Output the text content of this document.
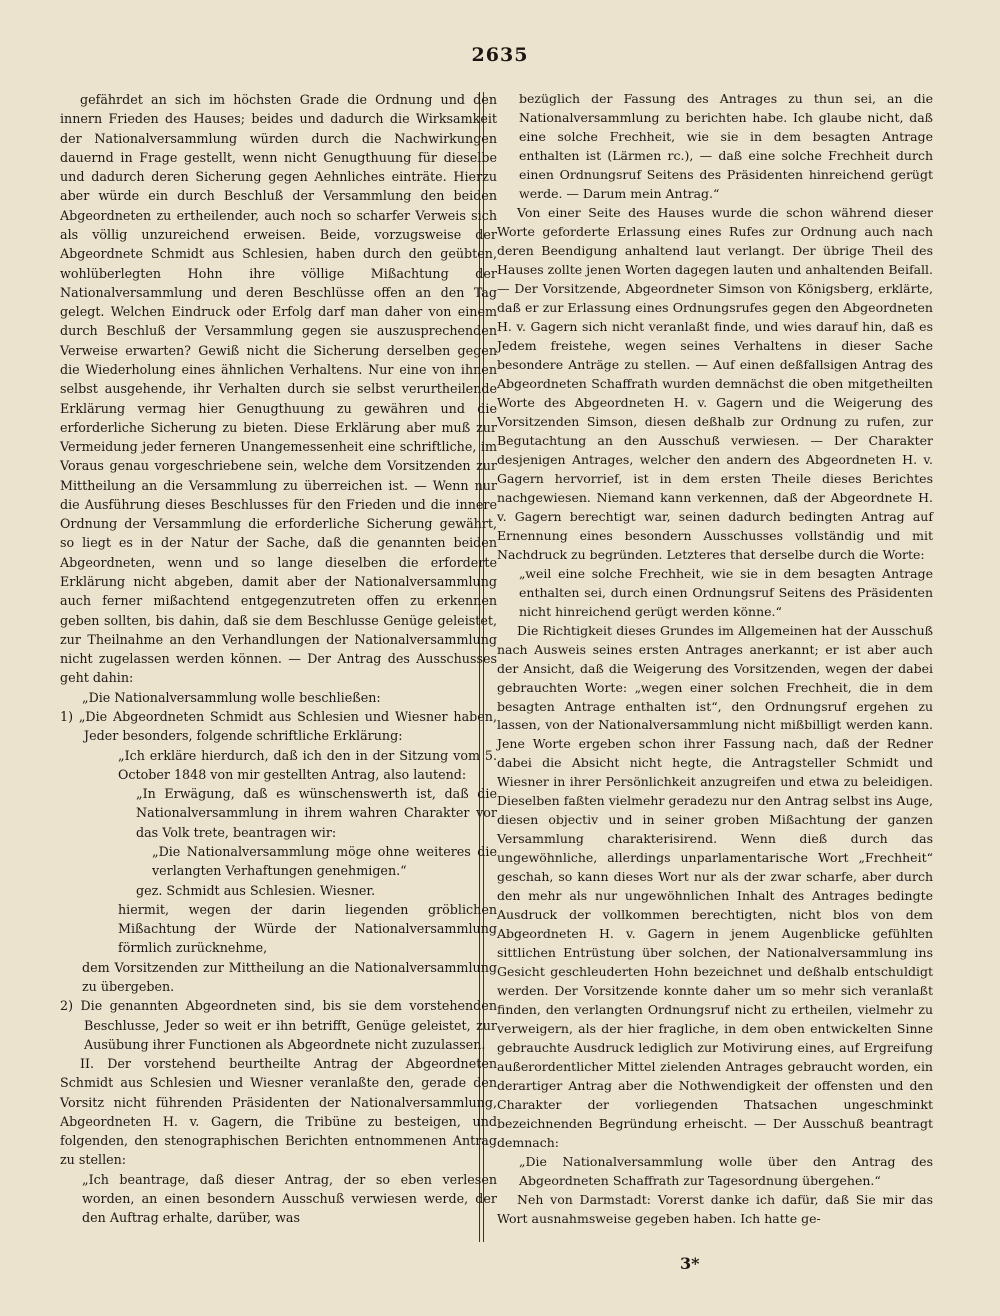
2635

gefährdet an sich im höchsten Grade die Ordnung und den innern Frieden des Hauses; beides und dadurch die Wirksamkeit der Nationalversammlung würden durch die Nachwirkungen dauernd in Frage gestellt, wenn nicht Genugthuung für dieselbe und dadurch deren Sicherung gegen Aehnliches einträte. Hierzu aber würde ein durch Beschluß der Versammlung den beiden Abgeordneten zu ertheilender, auch noch so scharfer Verweis sich als völlig unzureichend erweisen. Beide, vorzugsweise der Abgeordnete Schmidt aus Schlesien, haben durch den geübten, wohlüberlegten Hohn ihre völlige Mißachtung der Nationalversammlung und deren Beschlüsse offen an den Tag gelegt. Welchen Eindruck oder Erfolg darf man daher von einem durch Beschluß der Versammlung gegen sie auszusprechenden Verweise erwarten? Gewiß nicht die Sicherung derselben gegen die Wiederholung eines ähnlichen Verhaltens. Nur eine von ihnen selbst ausgehende, ihr Verhalten durch sie selbst verurtheilende Erklärung vermag hier Genugthuung zu gewähren und die erforderliche Sicherung zu bieten. Diese Erklärung aber muß zur Vermeidung jeder ferneren Unangemessenheit eine schriftliche, im Voraus genau vorgeschriebene sein, welche dem Vorsitzenden zur Mittheilung an die Versammlung zu überreichen ist. — Wenn nur die Ausführung dieses Beschlusses für den Frieden und die innere Ordnung der Versammlung die erforderliche Sicherung gewährt, so liegt es in der Natur der Sache, daß die genannten beiden Abgeordneten, wenn und so lange dieselben die erforderte Erklärung nicht abgeben, damit aber der Nationalversammlung auch ferner mißachtend entgegenzutreten offen zu erkennen geben sollten, bis dahin, daß sie dem Beschlusse Genüge geleistet, zur Theilnahme an den Verhandlungen der Nationalversammlung nicht zugelassen werden können. — Der Antrag des Ausschusses geht dahin:

„Die Nationalversammlung wolle beschließen:

1) „Die Abgeordneten Schmidt aus Schlesien und Wiesner haben, Jeder besonders, folgende schriftliche Erklärung:

„Ich erkläre hierdurch, daß ich den in der Sitzung vom 5. October 1848 von mir gestellten Antrag, also lautend:

„In Erwägung, daß es wünschenswerth ist, daß die Nationalversammlung in ihrem wahren Charakter vor das Volk trete, beantragen wir:

„Die Nationalversammlung möge ohne weiteres die verlangten Verhaftungen genehmigen.“

gez. Schmidt aus Schlesien. Wiesner.

hiermit, wegen der darin liegenden gröblichen Mißachtung der Würde der Nationalversammlung förmlich zurücknehme,

dem Vorsitzenden zur Mittheilung an die Nationalversammlung zu übergeben.

2) Die genannten Abgeordneten sind, bis sie dem vorstehenden Beschlusse, Jeder so weit er ihn betrifft, Genüge geleistet, zur Ausübung ihrer Functionen als Abgeordnete nicht zuzulassen.

II. Der vorstehend beurtheilte Antrag der Abgeordneten Schmidt aus Schlesien und Wiesner veranlaßte den, gerade den Vorsitz nicht führenden Präsidenten der Nationalversammlung, Abgeordneten H. v. Gagern, die Tribüne zu besteigen, und folgenden, den stenographischen Berichten entnommenen Antrag zu stellen:

„Ich beantrage, daß dieser Antrag, der so eben verlesen worden, an einen besondern Ausschuß verwiesen werde, der den Auftrag erhalte, darüber, was

bezüglich der Fassung des Antrages zu thun sei, an die Nationalversammlung zu berichten habe. Ich glaube nicht, daß eine solche Frechheit, wie sie in dem besagten Antrage enthalten ist (Lärmen rc.), — daß eine solche Frechheit durch einen Ordnungsruf Seitens des Präsidenten hinreichend gerügt werde. — Darum mein Antrag.“

Von einer Seite des Hauses wurde die schon während dieser Worte geforderte Erlassung eines Rufes zur Ordnung auch nach deren Beendigung anhaltend laut verlangt. Der übrige Theil des Hauses zollte jenen Worten dagegen lauten und anhaltenden Beifall. — Der Vorsitzende, Abgeordneter Simson von Königsberg, erklärte, daß er zur Erlassung eines Ordnungsrufes gegen den Abgeordneten H. v. Gagern sich nicht veranlaßt finde, und wies darauf hin, daß es Jedem freistehe, wegen seines Verhaltens in dieser Sache besondere Anträge zu stellen. — Auf einen deßfallsigen Antrag des Abgeordneten Schaffrath wurden demnächst die oben mitgetheilten Worte des Abgeordneten H. v. Gagern und die Weigerung des Vorsitzenden Simson, diesen deßhalb zur Ordnung zu rufen, zur Begutachtung an den Ausschuß verwiesen. — Der Charakter desjenigen Antrages, welcher den andern des Abgeordneten H. v. Gagern hervorrief, ist in dem ersten Theile dieses Berichtes nachgewiesen. Niemand kann verkennen, daß der Abgeordnete H. v. Gagern berechtigt war, seinen dadurch bedingten Antrag auf Ernennung eines besondern Ausschusses vollständig und mit Nachdruck zu begründen. Letzteres that derselbe durch die Worte:

„weil eine solche Frechheit, wie sie in dem besagten Antrage enthalten sei, durch einen Ordnungsruf Seitens des Präsidenten nicht hinreichend gerügt werden könne.“

Die Richtigkeit dieses Grundes im Allgemeinen hat der Ausschuß nach Ausweis seines ersten Antrages anerkannt; er ist aber auch der Ansicht, daß die Weigerung des Vorsitzenden, wegen der dabei gebrauchten Worte: „wegen einer solchen Frechheit, die in dem besagten Antrage enthalten ist“, den Ordnungsruf ergehen zu lassen, von der Nationalversammlung nicht mißbilligt werden kann. Jene Worte ergeben schon ihrer Fassung nach, daß der Redner dabei die Absicht nicht hegte, die Antragsteller Schmidt und Wiesner in ihrer Persönlichkeit anzugreifen und etwa zu beleidigen. Dieselben faßten vielmehr geradezu nur den Antrag selbst ins Auge, diesen objectiv und in seiner groben Mißachtung der ganzen Versammlung charakterisirend. Wenn dieß durch das ungewöhnliche, allerdings unparlamentarische Wort „Frechheit“ geschah, so kann dieses Wort nur als der zwar scharfe, aber durch den mehr als nur ungewöhnlichen Inhalt des Antrages bedingte Ausdruck der vollkommen berechtigten, nicht blos von dem Abgeordneten H. v. Gagern in jenem Augenblicke gefühlten sittlichen Entrüstung über solchen, der Nationalversammlung ins Gesicht geschleuderten Hohn bezeichnet und deßhalb entschuldigt werden. Der Vorsitzende konnte daher um so mehr sich veranlaßt finden, den verlangten Ordnungsruf nicht zu ertheilen, vielmehr zu verweigern, als der hier fragliche, in dem oben entwickelten Sinne gebrauchte Ausdruck lediglich zur Motivirung eines, auf Ergreifung außerordentlicher Mittel zielenden Antrages gebraucht worden, ein derartiger Antrag aber die Nothwendigkeit der offensten und den Charakter der vorliegenden Thatsachen ungeschminkt bezeichnenden Begründung erheischt. — Der Ausschuß beantragt demnach:

„Die Nationalversammlung wolle über den Antrag des Abgeordneten Schaffrath zur Tagesordnung übergehen.“

Neh von Darmstadt: Vorerst danke ich dafür, daß Sie mir das Wort ausnahmsweise gegeben haben. Ich hatte ge-

3*
